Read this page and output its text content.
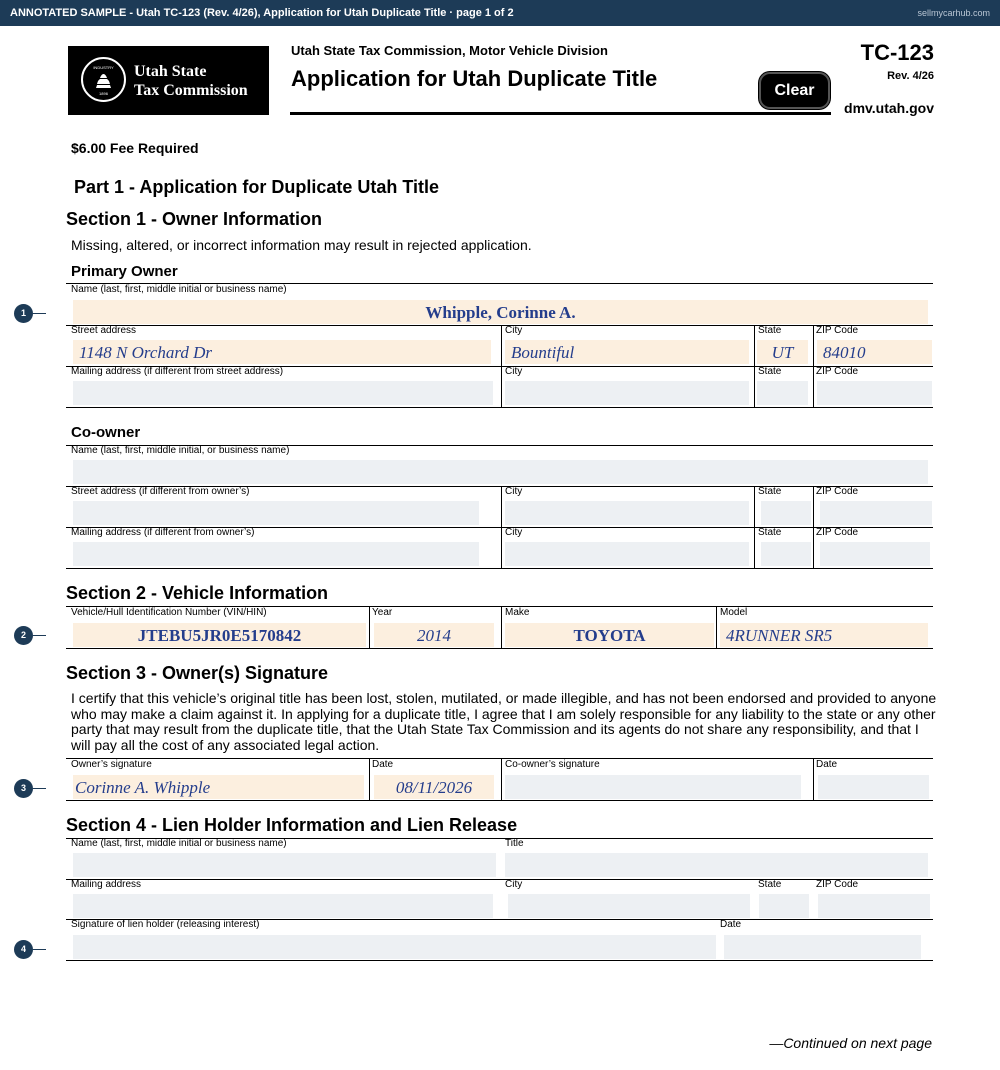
ANNOTATED SAMPLE - Utah TC-123 (Rev. 4/26), Application for Utah Duplicate Title · page 1 of 2	sellmycarhub.com
INDUSTRY
1896
Utah State
Tax Commission
Utah State Tax Commission, Motor Vehicle Division
Application for Utah Duplicate Title	Clear
TC-123
Rev. 4/26
dmv.utah.gov
$6.00 Fee Required
Part 1 - Application for Duplicate Utah Title
Section 1 - Owner Information
Missing, altered, or incorrect information may result in rejected application.
Primary Owner
Name (last, first, middle initial or business name)
Whipple, Corinne A.
Street address	City	State	ZIP Code
1148 N Orchard Dr	Bountiful	UT	84010
Mailing address (if different from street address)	City	State	ZIP Code
Co-owner
Name (last, first, middle initial, or business name)
Street address (if different from owner’s)	City	State	ZIP Code
Mailing address (if different from owner’s)	City	State	ZIP Code
Section 2 - Vehicle Information
Vehicle/Hull Identification Number (VIN/HIN)	Year	Make	Model
JTEBU5JR0E5170842	2014	TOYOTA	4RUNNER SR5
Section 3 - Owner(s) Signature
I certify that this vehicle’s original title has been lost, stolen, mutilated, or made illegible, and has not been endorsed and provided to anyone who may make a claim against it. In applying for a duplicate title, I agree that I am solely responsible for any liability to the state or any other party that may result from the duplicate title, that the Utah State Tax Commission and its agents do not share any responsibility, and that I will pay all the cost of any associated legal action.
Owner’s signature	Date	Co-owner’s signature	Date
Corinne A. Whipple	08/11/2026
Section 4 - Lien Holder Information and Lien Release
Name (last, first, middle initial or business name)	Title
Mailing address	City	State	ZIP Code
Signature of lien holder (releasing interest)	Date
1
2
3
4
—Continued on next page
